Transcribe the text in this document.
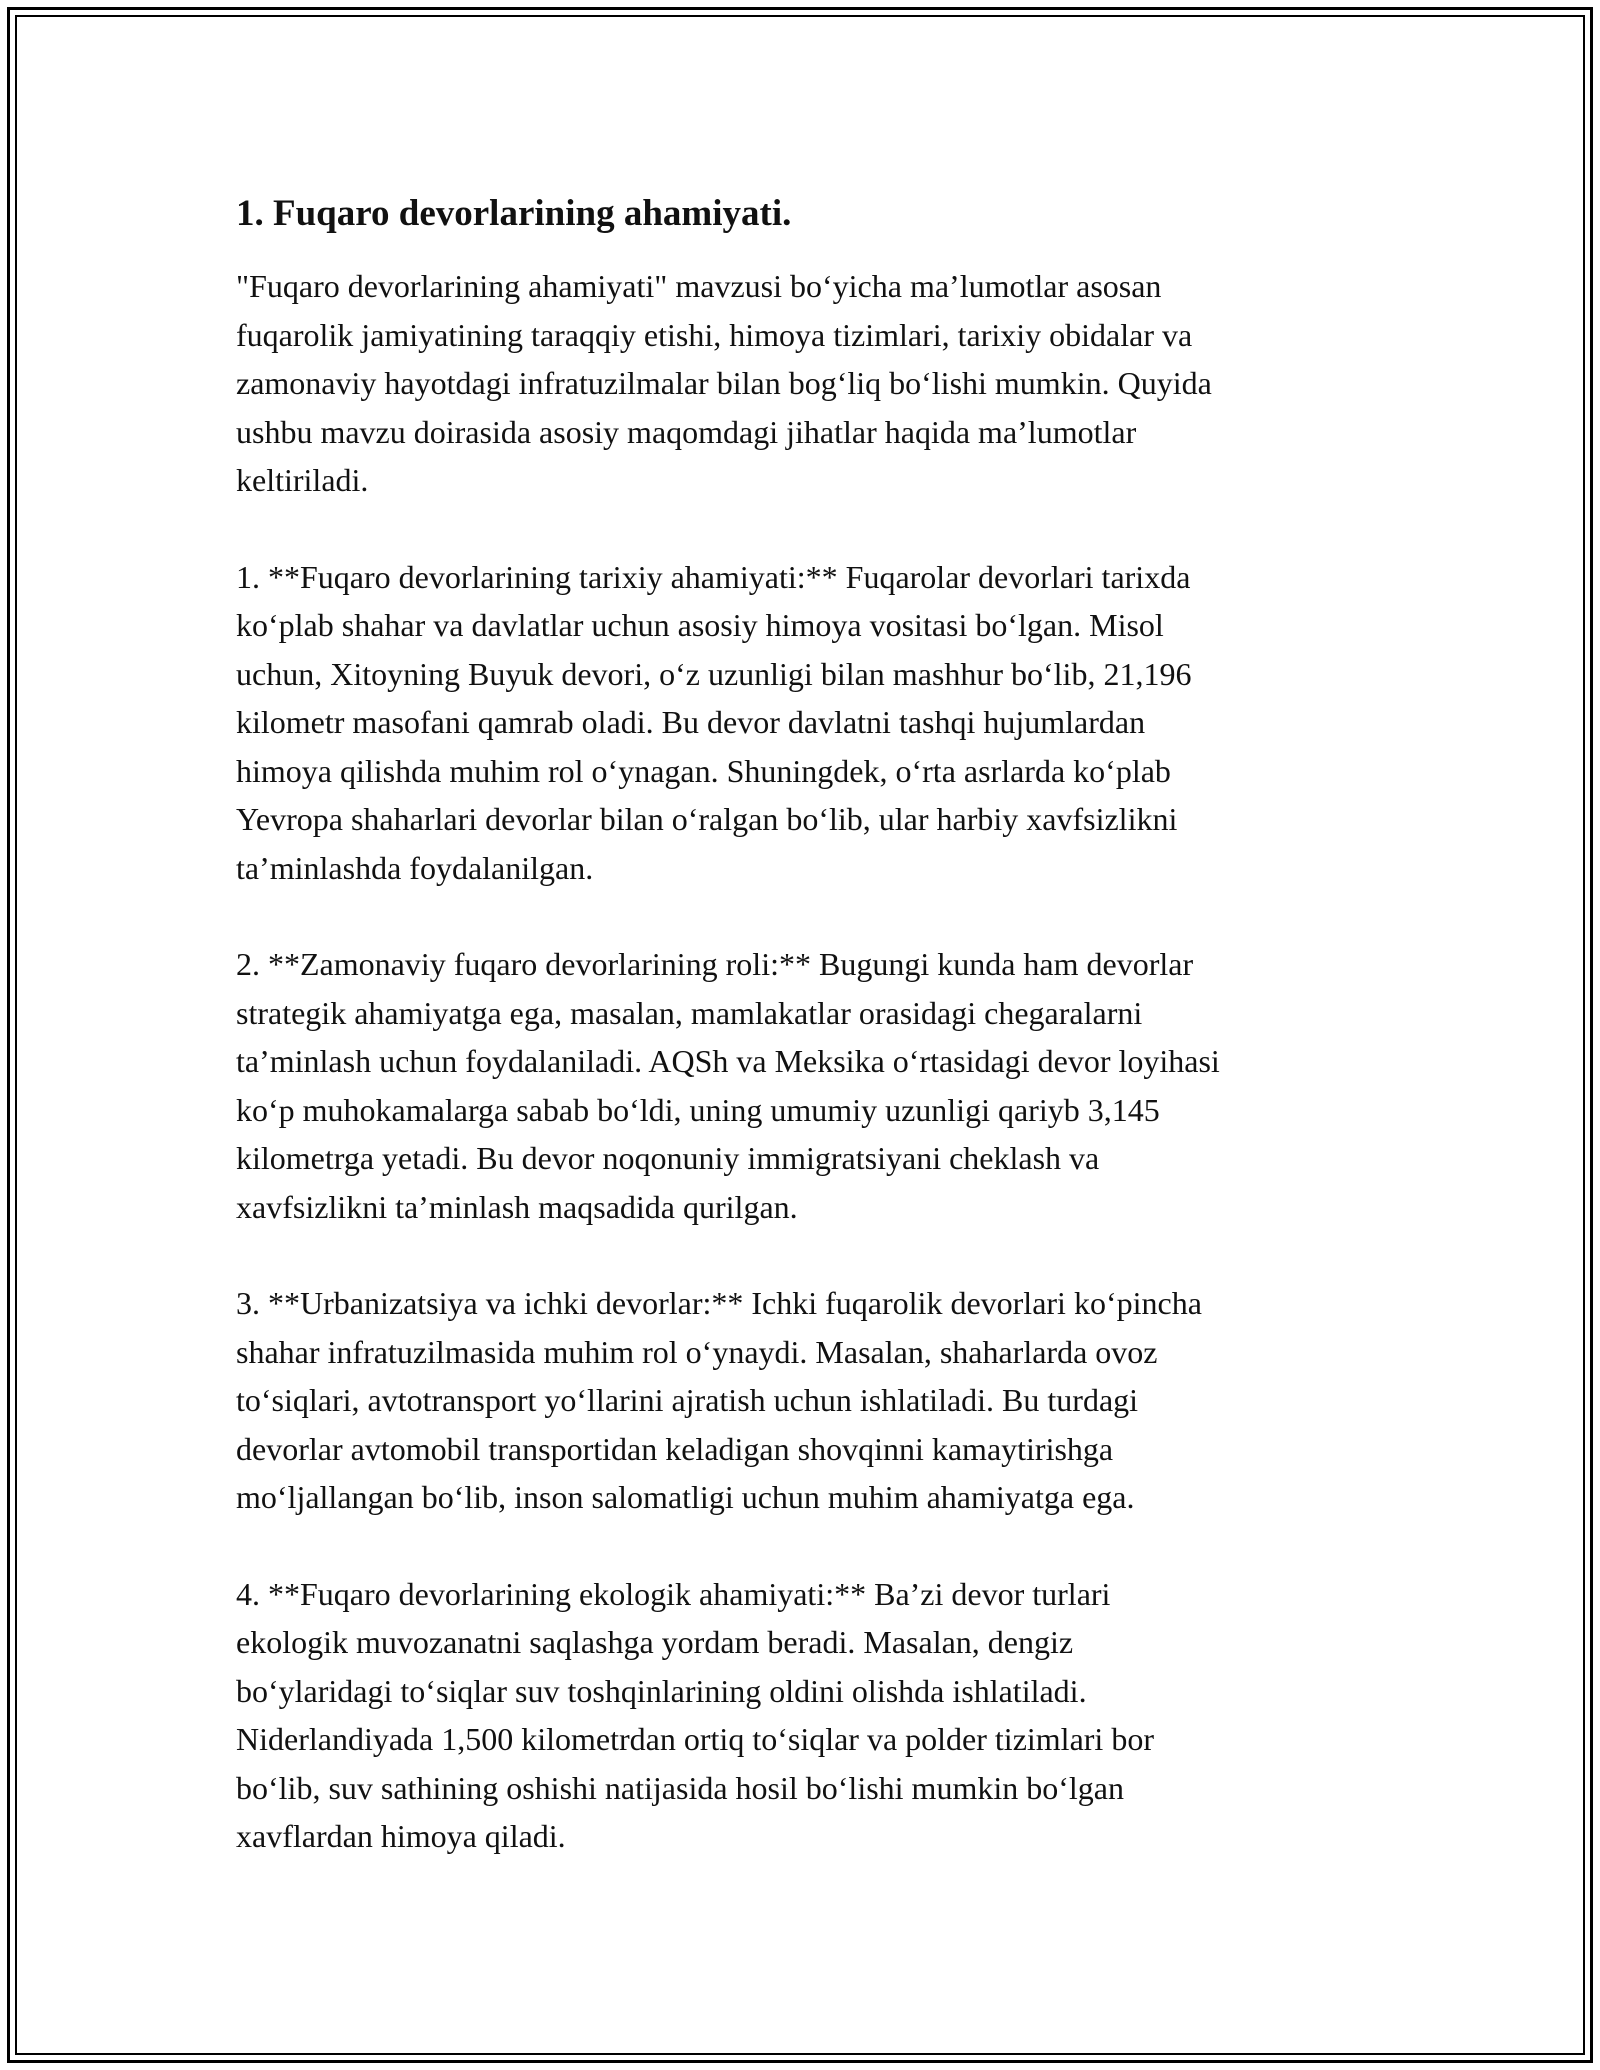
1. Fuqaro devorlarining ahamiyati.

"Fuqaro devorlarining ahamiyati" mavzusi bo‘yicha ma’lumotlar asosan
fuqarolik jamiyatining taraqqiy etishi, himoya tizimlari, tarixiy obidalar va
zamonaviy hayotdagi infratuzilmalar bilan bog‘liq bo‘lishi mumkin. Quyida
ushbu mavzu doirasida asosiy maqomdagi jihatlar haqida ma’lumotlar
keltiriladi.

1. **Fuqaro devorlarining tarixiy ahamiyati:** Fuqarolar devorlari tarixda
ko‘plab shahar va davlatlar uchun asosiy himoya vositasi bo‘lgan. Misol
uchun, Xitoyning Buyuk devori, o‘z uzunligi bilan mashhur bo‘lib, 21,196
kilometr masofani qamrab oladi. Bu devor davlatni tashqi hujumlardan
himoya qilishda muhim rol o‘ynagan. Shuningdek, o‘rta asrlarda ko‘plab
Yevropa shaharlari devorlar bilan o‘ralgan bo‘lib, ular harbiy xavfsizlikni
ta’minlashda foydalanilgan.

2. **Zamonaviy fuqaro devorlarining roli:** Bugungi kunda ham devorlar
strategik ahamiyatga ega, masalan, mamlakatlar orasidagi chegaralarni
ta’minlash uchun foydalaniladi. AQSh va Meksika o‘rtasidagi devor loyihasi
ko‘p muhokamalarga sabab bo‘ldi, uning umumiy uzunligi qariyb 3,145
kilometrga yetadi. Bu devor noqonuniy immigratsiyani cheklash va
xavfsizlikni ta’minlash maqsadida qurilgan.

3. **Urbanizatsiya va ichki devorlar:** Ichki fuqarolik devorlari ko‘pincha
shahar infratuzilmasida muhim rol o‘ynaydi. Masalan, shaharlarda ovoz
to‘siqlari, avtotransport yo‘llarini ajratish uchun ishlatiladi. Bu turdagi
devorlar avtomobil transportidan keladigan shovqinni kamaytirishga
mo‘ljallangan bo‘lib, inson salomatligi uchun muhim ahamiyatga ega.

4. **Fuqaro devorlarining ekologik ahamiyati:** Ba’zi devor turlari
ekologik muvozanatni saqlashga yordam beradi. Masalan, dengiz
bo‘ylaridagi to‘siqlar suv toshqinlarining oldini olishda ishlatiladi.
Niderlandiyada 1,500 kilometrdan ortiq to‘siqlar va polder tizimlari bor
bo‘lib, suv sathining oshishi natijasida hosil bo‘lishi mumkin bo‘lgan
xavflardan himoya qiladi.
